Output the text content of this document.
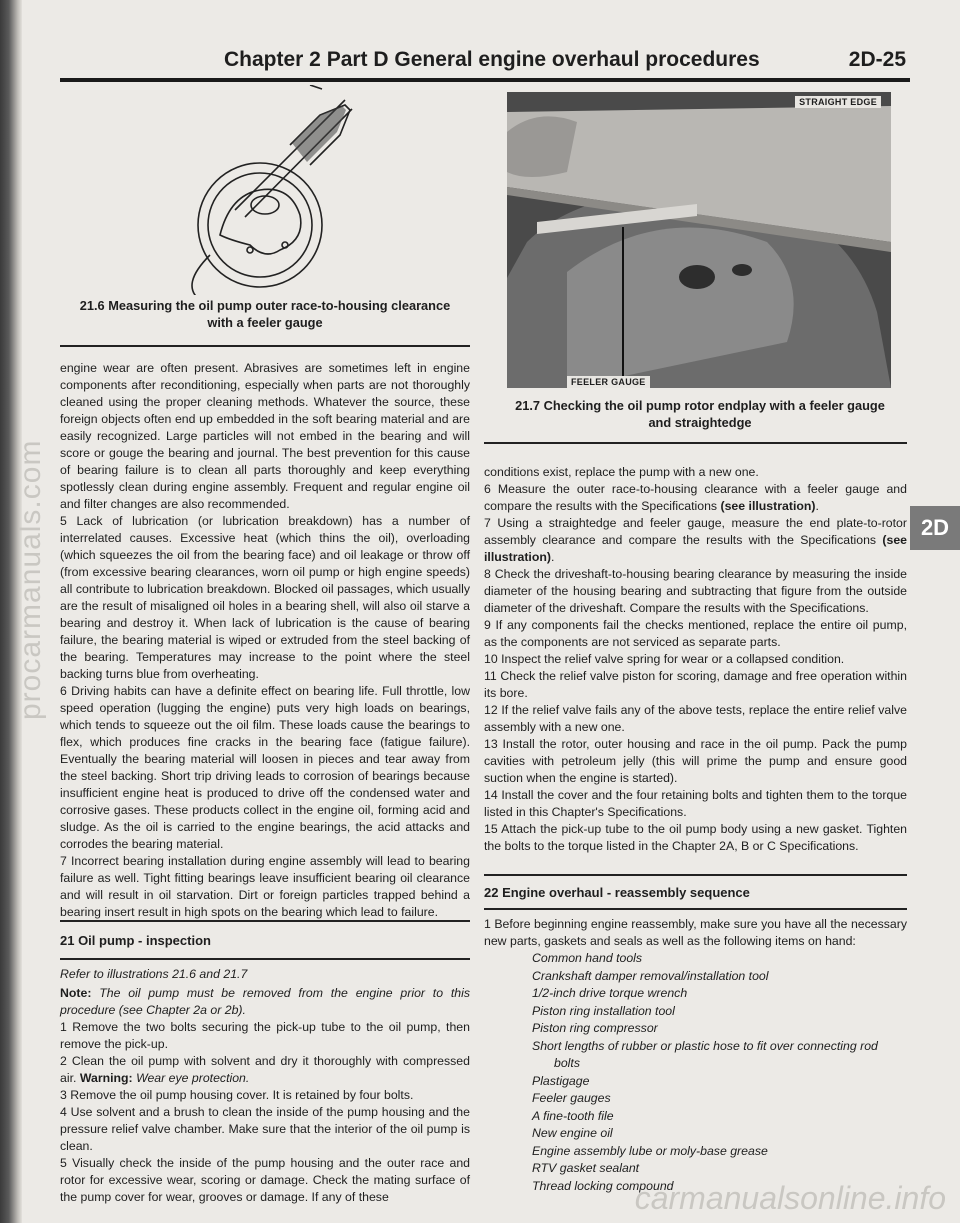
procarmanuals.com
carmanualsonline.info
Chapter 2 Part D General engine overhaul procedures	2D-25
2D
21.6 Measuring the oil pump outer race-to-housing clearance
with a feeler gauge
STRAIGHT EDGE
FEELER GAUGE
21.7 Checking the oil pump rotor endplay with a feeler gauge
and straightedge

engine wear are often present. Abrasives are sometimes left in engine components after reconditioning, especially when parts are not thoroughly cleaned using the proper cleaning methods. Whatever the source, these foreign objects often end up embedded in the soft bearing material and are easily recognized. Large particles will not embed in the bearing and will score or gouge the bearing and journal. The best prevention for this cause of bearing failure is to clean all parts thoroughly and keep everything spotlessly clean during engine assembly. Frequent and regular engine oil and filter changes are also recommended.

5 Lack of lubrication (or lubrication breakdown) has a number of interrelated causes. Excessive heat (which thins the oil), overloading (which squeezes the oil from the bearing face) and oil leakage or throw off (from excessive bearing clearances, worn oil pump or high engine speeds) all contribute to lubrication breakdown. Blocked oil passages, which usually are the result of misaligned oil holes in a bearing shell, will also oil starve a bearing and destroy it. When lack of lubrication is the cause of bearing failure, the bearing material is wiped or extruded from the steel backing of the bearing. Temperatures may increase to the point where the steel backing turns blue from overheating.

6 Driving habits can have a definite effect on bearing life. Full throttle, low speed operation (lugging the engine) puts very high loads on bearings, which tends to squeeze out the oil film. These loads cause the bearings to flex, which produces fine cracks in the bearing face (fatigue failure). Eventually the bearing material will loosen in pieces and tear away from the steel backing. Short trip driving leads to corrosion of bearings because insufficient engine heat is produced to drive off the condensed water and corrosive gases. These products collect in the engine oil, forming acid and sludge. As the oil is carried to the engine bearings, the acid attacks and corrodes the bearing material.

7 Incorrect bearing installation during engine assembly will lead to bearing failure as well. Tight fitting bearings leave insufficient bearing oil clearance and will result in oil starvation. Dirt or foreign particles trapped behind a bearing insert result in high spots on the bearing which lead to failure.

21 Oil pump - inspection

Refer to illustrations 21.6 and 21.7

Note: The oil pump must be removed from the engine prior to this procedure (see Chapter 2a or 2b).

1 Remove the two bolts securing the pick-up tube to the oil pump, then remove the pick-up.

2 Clean the oil pump with solvent and dry it thoroughly with compressed air. Warning: Wear eye protection.

3 Remove the oil pump housing cover. It is retained by four bolts.

4 Use solvent and a brush to clean the inside of the pump housing and the pressure relief valve chamber. Make sure that the interior of the oil pump is clean.

5 Visually check the inside of the pump housing and the outer race and rotor for excessive wear, scoring or damage. Check the mating surface of the pump cover for wear, grooves or damage. If any of these

conditions exist, replace the pump with a new one.

6 Measure the outer race-to-housing clearance with a feeler gauge and compare the results with the Specifications (see illustration).

7 Using a straightedge and feeler gauge, measure the end plate-to-rotor assembly clearance and compare the results with the Specifications (see illustration).

8 Check the driveshaft-to-housing bearing clearance by measuring the inside diameter of the housing bearing and subtracting that figure from the outside diameter of the driveshaft. Compare the results with the Specifications.

9 If any components fail the checks mentioned, replace the entire oil pump, as the components are not serviced as separate parts.

10 Inspect the relief valve spring for wear or a collapsed condition.

11 Check the relief valve piston for scoring, damage and free operation within its bore.

12 If the relief valve fails any of the above tests, replace the entire relief valve assembly with a new one.

13 Install the rotor, outer housing and race in the oil pump. Pack the pump cavities with petroleum jelly (this will prime the pump and ensure good suction when the engine is started).

14 Install the cover and the four retaining bolts and tighten them to the torque listed in this Chapter's Specifications.

15 Attach the pick-up tube to the oil pump body using a new gasket. Tighten the bolts to the torque listed in the Chapter 2A, B or C Specifications.

22 Engine overhaul - reassembly sequence

1 Before beginning engine reassembly, make sure you have all the necessary new parts, gaskets and seals as well as the following items on hand:

Common hand tools
Crankshaft damper removal/installation tool
1/2-inch drive torque wrench
Piston ring installation tool
Piston ring compressor
Short lengths of rubber or plastic hose to fit over connecting rod
bolts
Plastigage
Feeler gauges
A fine-tooth file
New engine oil
Engine assembly lube or moly-base grease
RTV gasket sealant
Thread locking compound
